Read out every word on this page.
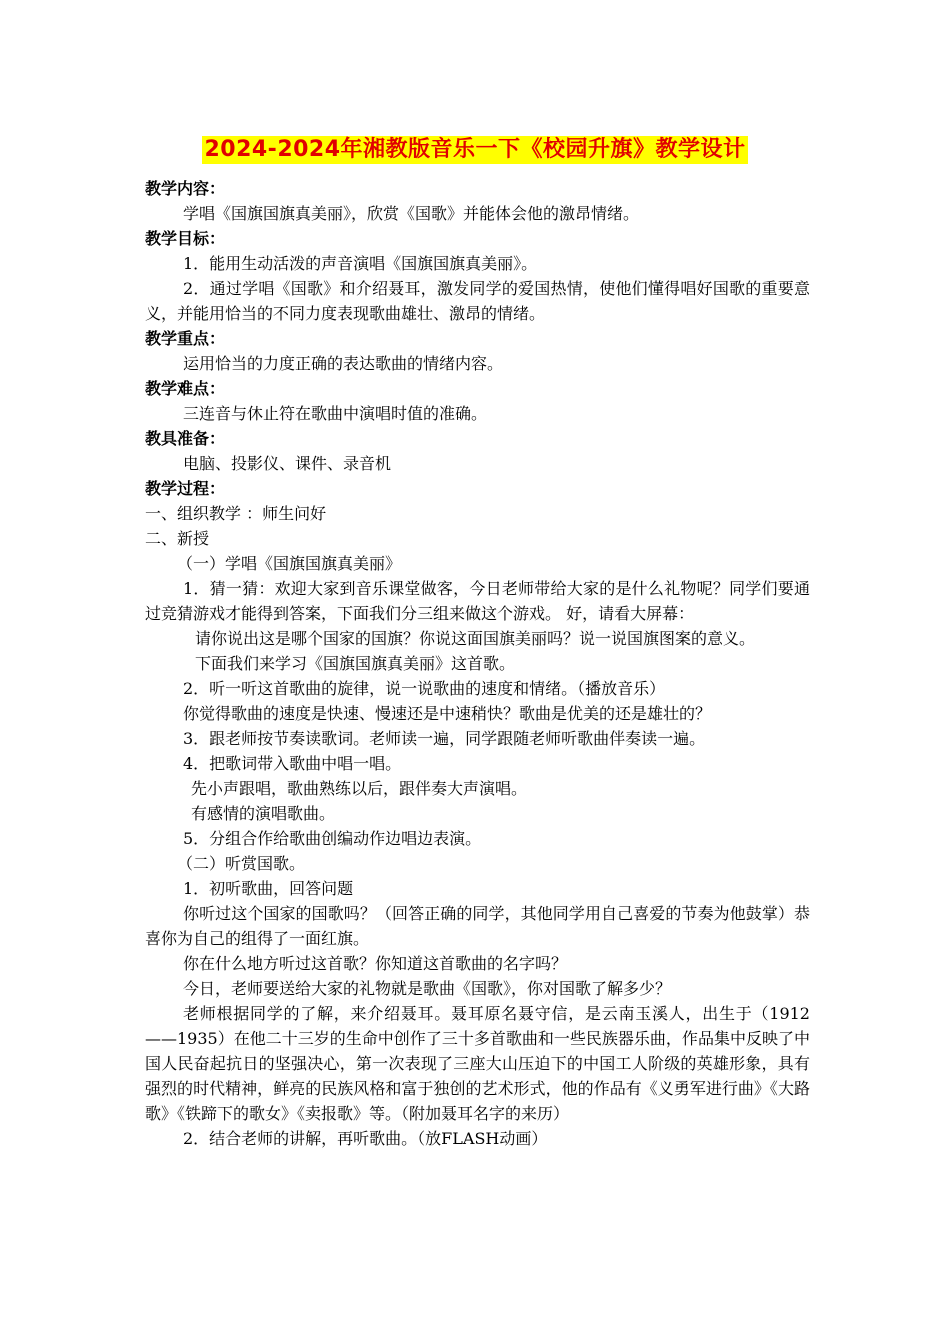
2024-2024年湘教版音乐一下《校园升旗》教学设计

教学内容：

学唱《国旗国旗真美丽》，欣赏《国歌》并能体会他的激昂情绪。

教学目标：

1．能用生动活泼的声音演唱《国旗国旗真美丽》。

2．通过学唱《国歌》和介绍聂耳，激发同学的爱国热情，使他们懂得唱好国歌的重要意义，并能用恰当的不同力度表现歌曲雄壮、激昂的情绪。

教学重点：

运用恰当的力度正确的表达歌曲的情绪内容。

教学难点：

三连音与休止符在歌曲中演唱时值的准确。

教具准备：

电脑、投影仪、课件、录音机

教学过程：

一、组织教学 ：师生问好

二、新授

（一）学唱《国旗国旗真美丽》

1．猜一猜：欢迎大家到音乐课堂做客，今日老师带给大家的是什么礼物呢？同学们要通过竞猜游戏才能得到答案，下面我们分三组来做这个游戏。 好，请看大屏幕：

请你说出这是哪个国家的国旗？你说这面国旗美丽吗？说一说国旗图案的意义。

下面我们来学习《国旗国旗真美丽》这首歌。

2．听一听这首歌曲的旋律，说一说歌曲的速度和情绪。（播放音乐）

你觉得歌曲的速度是快速、慢速还是中速稍快？歌曲是优美的还是雄壮的？

3．跟老师按节奏读歌词。老师读一遍，同学跟随老师听歌曲伴奏读一遍。

4．把歌词带入歌曲中唱一唱。

先小声跟唱，歌曲熟练以后，跟伴奏大声演唱。

有感情的演唱歌曲。

5．分组合作给歌曲创编动作边唱边表演。

（二）听赏国歌。

1．初听歌曲，回答问题

你听过这个国家的国歌吗？（回答正确的同学，其他同学用自己喜爱的节奏为他鼓掌）恭喜你为自己的组得了一面红旗。

你在什么地方听过这首歌？你知道这首歌曲的名字吗？

今日，老师要送给大家的礼物就是歌曲《国歌》，你对国歌了解多少？

老师根据同学的了解，来介绍聂耳。聂耳原名聂守信，是云南玉溪人，出生于（1912——1935）在他二十三岁的生命中创作了三十多首歌曲和一些民族器乐曲，作品集中反映了中国人民奋起抗日的坚强决心，第一次表现了三座大山压迫下的中国工人阶级的英雄形象，具有强烈的时代精神，鲜亮的民族风格和富于独创的艺术形式，他的作品有《义勇军进行曲》《大路歌》《铁蹄下的歌女》《卖报歌》等。（附加聂耳名字的来历）

2．结合老师的讲解，再听歌曲。（放FLASH动画）
